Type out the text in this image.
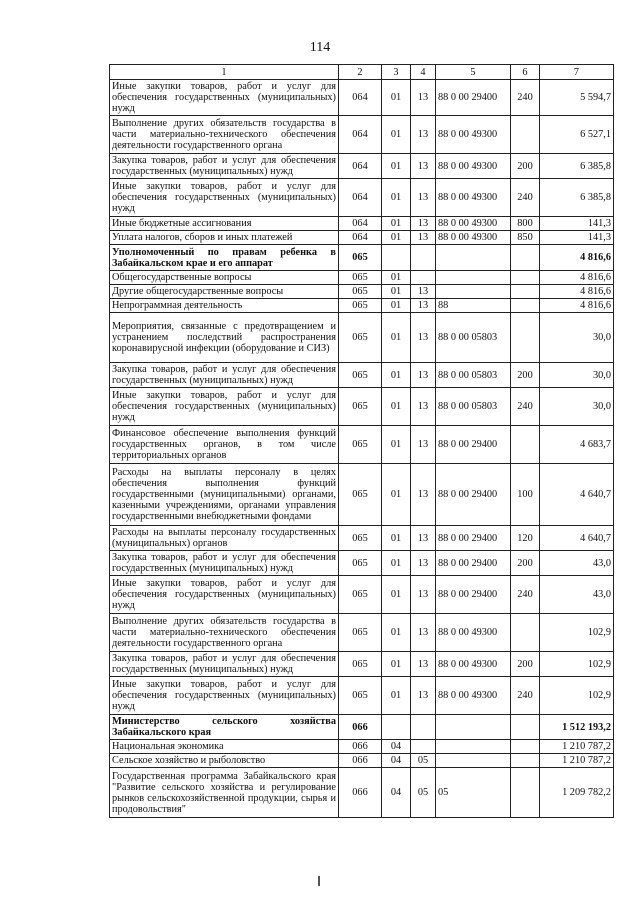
114
1	2	3	4	5	6	7
Иные закупки товаров, работ и услуг для обеспечения государственных (муниципальных) нужд	064	01	13	88 0 00 29400	240	5 594,7
Выполнение других обязательств государства в части материально-технического обеспечения деятельности государственного органа	064	01	13	88 0 00 49300		6 527,1
Закупка товаров, работ и услуг для обеспечения государственных (муниципальных) нужд	064	01	13	88 0 00 49300	200	6 385,8
Иные закупки товаров, работ и услуг для обеспечения государственных (муниципальных) нужд	064	01	13	88 0 00 49300	240	6 385,8
Иные бюджетные ассигнования	064	01	13	88 0 00 49300	800	141,3
Уплата налогов, сборов и иных платежей	064	01	13	88 0 00 49300	850	141,3
Уполномоченный по правам ребенка в Забайкальском крае и его аппарат	065					4 816,6
Общегосударственные вопросы	065	01				4 816,6
Другие общегосударственные вопросы	065	01	13			4 816,6
Непрограммная деятельность	065	01	13	88		4 816,6
Мероприятия, связанные с предотвращением и устранением последствий распространения коронавирусной инфекции (оборудование и СИЗ)	065	01	13	88 0 00 05803		30,0
Закупка товаров, работ и услуг для обеспечения государственных (муниципальных) нужд	065	01	13	88 0 00 05803	200	30,0
Иные закупки товаров, работ и услуг для обеспечения государственных (муниципальных) нужд	065	01	13	88 0 00 05803	240	30,0
Финансовое обеспечение выполнения функций государственных органов, в том числе территориальных органов	065	01	13	88 0 00 29400		4 683,7
Расходы на выплаты персоналу в целях обеспечения выполнения функций государственными (муниципальными) органами, казенными учреждениями, органами управления государственными внебюджетными фондами	065	01	13	88 0 00 29400	100	4 640,7
Расходы на выплаты персоналу государственных (муниципальных) органов	065	01	13	88 0 00 29400	120	4 640,7
Закупка товаров, работ и услуг для обеспечения государственных (муниципальных) нужд	065	01	13	88 0 00 29400	200	43,0
Иные закупки товаров, работ и услуг для обеспечения государственных (муниципальных) нужд	065	01	13	88 0 00 29400	240	43,0
Выполнение других обязательств государства в части материально-технического обеспечения деятельности государственного органа	065	01	13	88 0 00 49300		102,9
Закупка товаров, работ и услуг для обеспечения государственных (муниципальных) нужд	065	01	13	88 0 00 49300	200	102,9
Иные закупки товаров, работ и услуг для обеспечения государственных (муниципальных) нужд	065	01	13	88 0 00 49300	240	102,9
Министерство сельского хозяйства Забайкальского края	066					1 512 193,2
Национальная экономика	066	04				1 210 787,2
Сельское хозяйство и рыболовство	066	04	05			1 210 787,2
Государственная программа Забайкальского края "Развитие сельского хозяйства и регулирование рынков сельскохозяйственной продукции, сырья и продовольствия"	066	04	05	05		1 209 782,2
